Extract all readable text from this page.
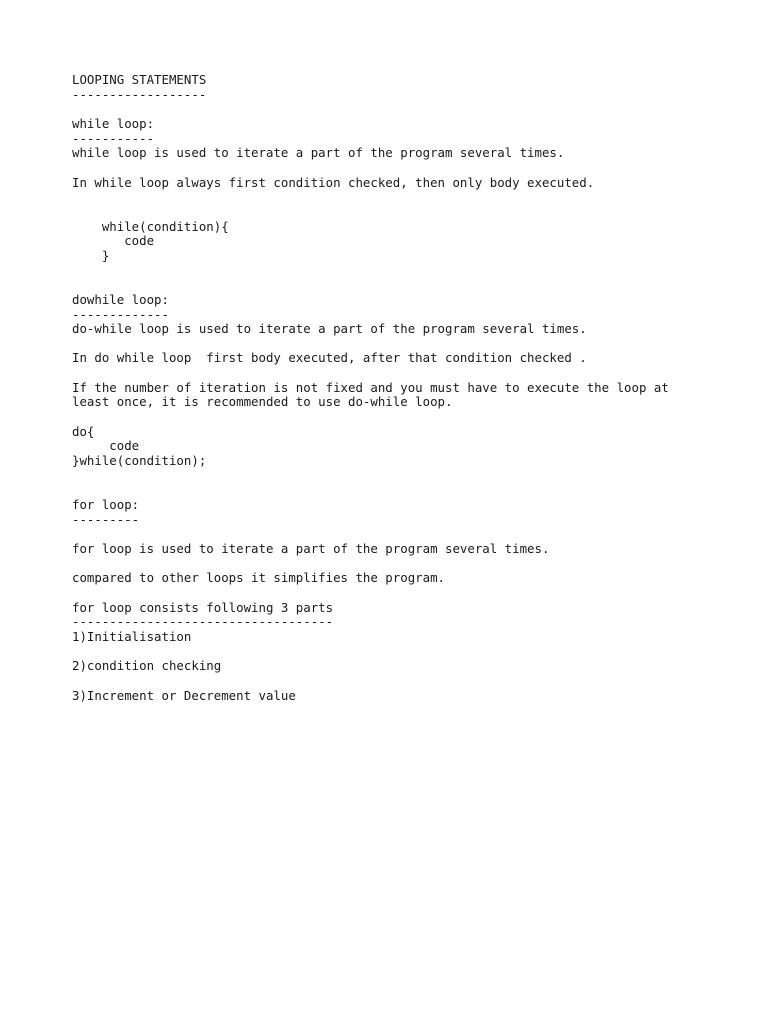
LOOPING STATEMENTS
------------------

while loop:
-----------
while loop is used to iterate a part of the program several times.

In while loop always first condition checked, then only body executed.

while(condition){
code
}

dowhile loop:
-------------
do-while loop is used to iterate a part of the program several times.

In do while loop  first body executed, after that condition checked .

If the number of iteration is not fixed and you must have to execute the loop at
least once, it is recommended to use do-while loop.

do{
code
}while(condition);

for loop:
---------

for loop is used to iterate a part of the program several times.

compared to other loops it simplifies the program.

for loop consists following 3 parts
-----------------------------------
1)Initialisation

2)condition checking

3)Increment or Decrement value
